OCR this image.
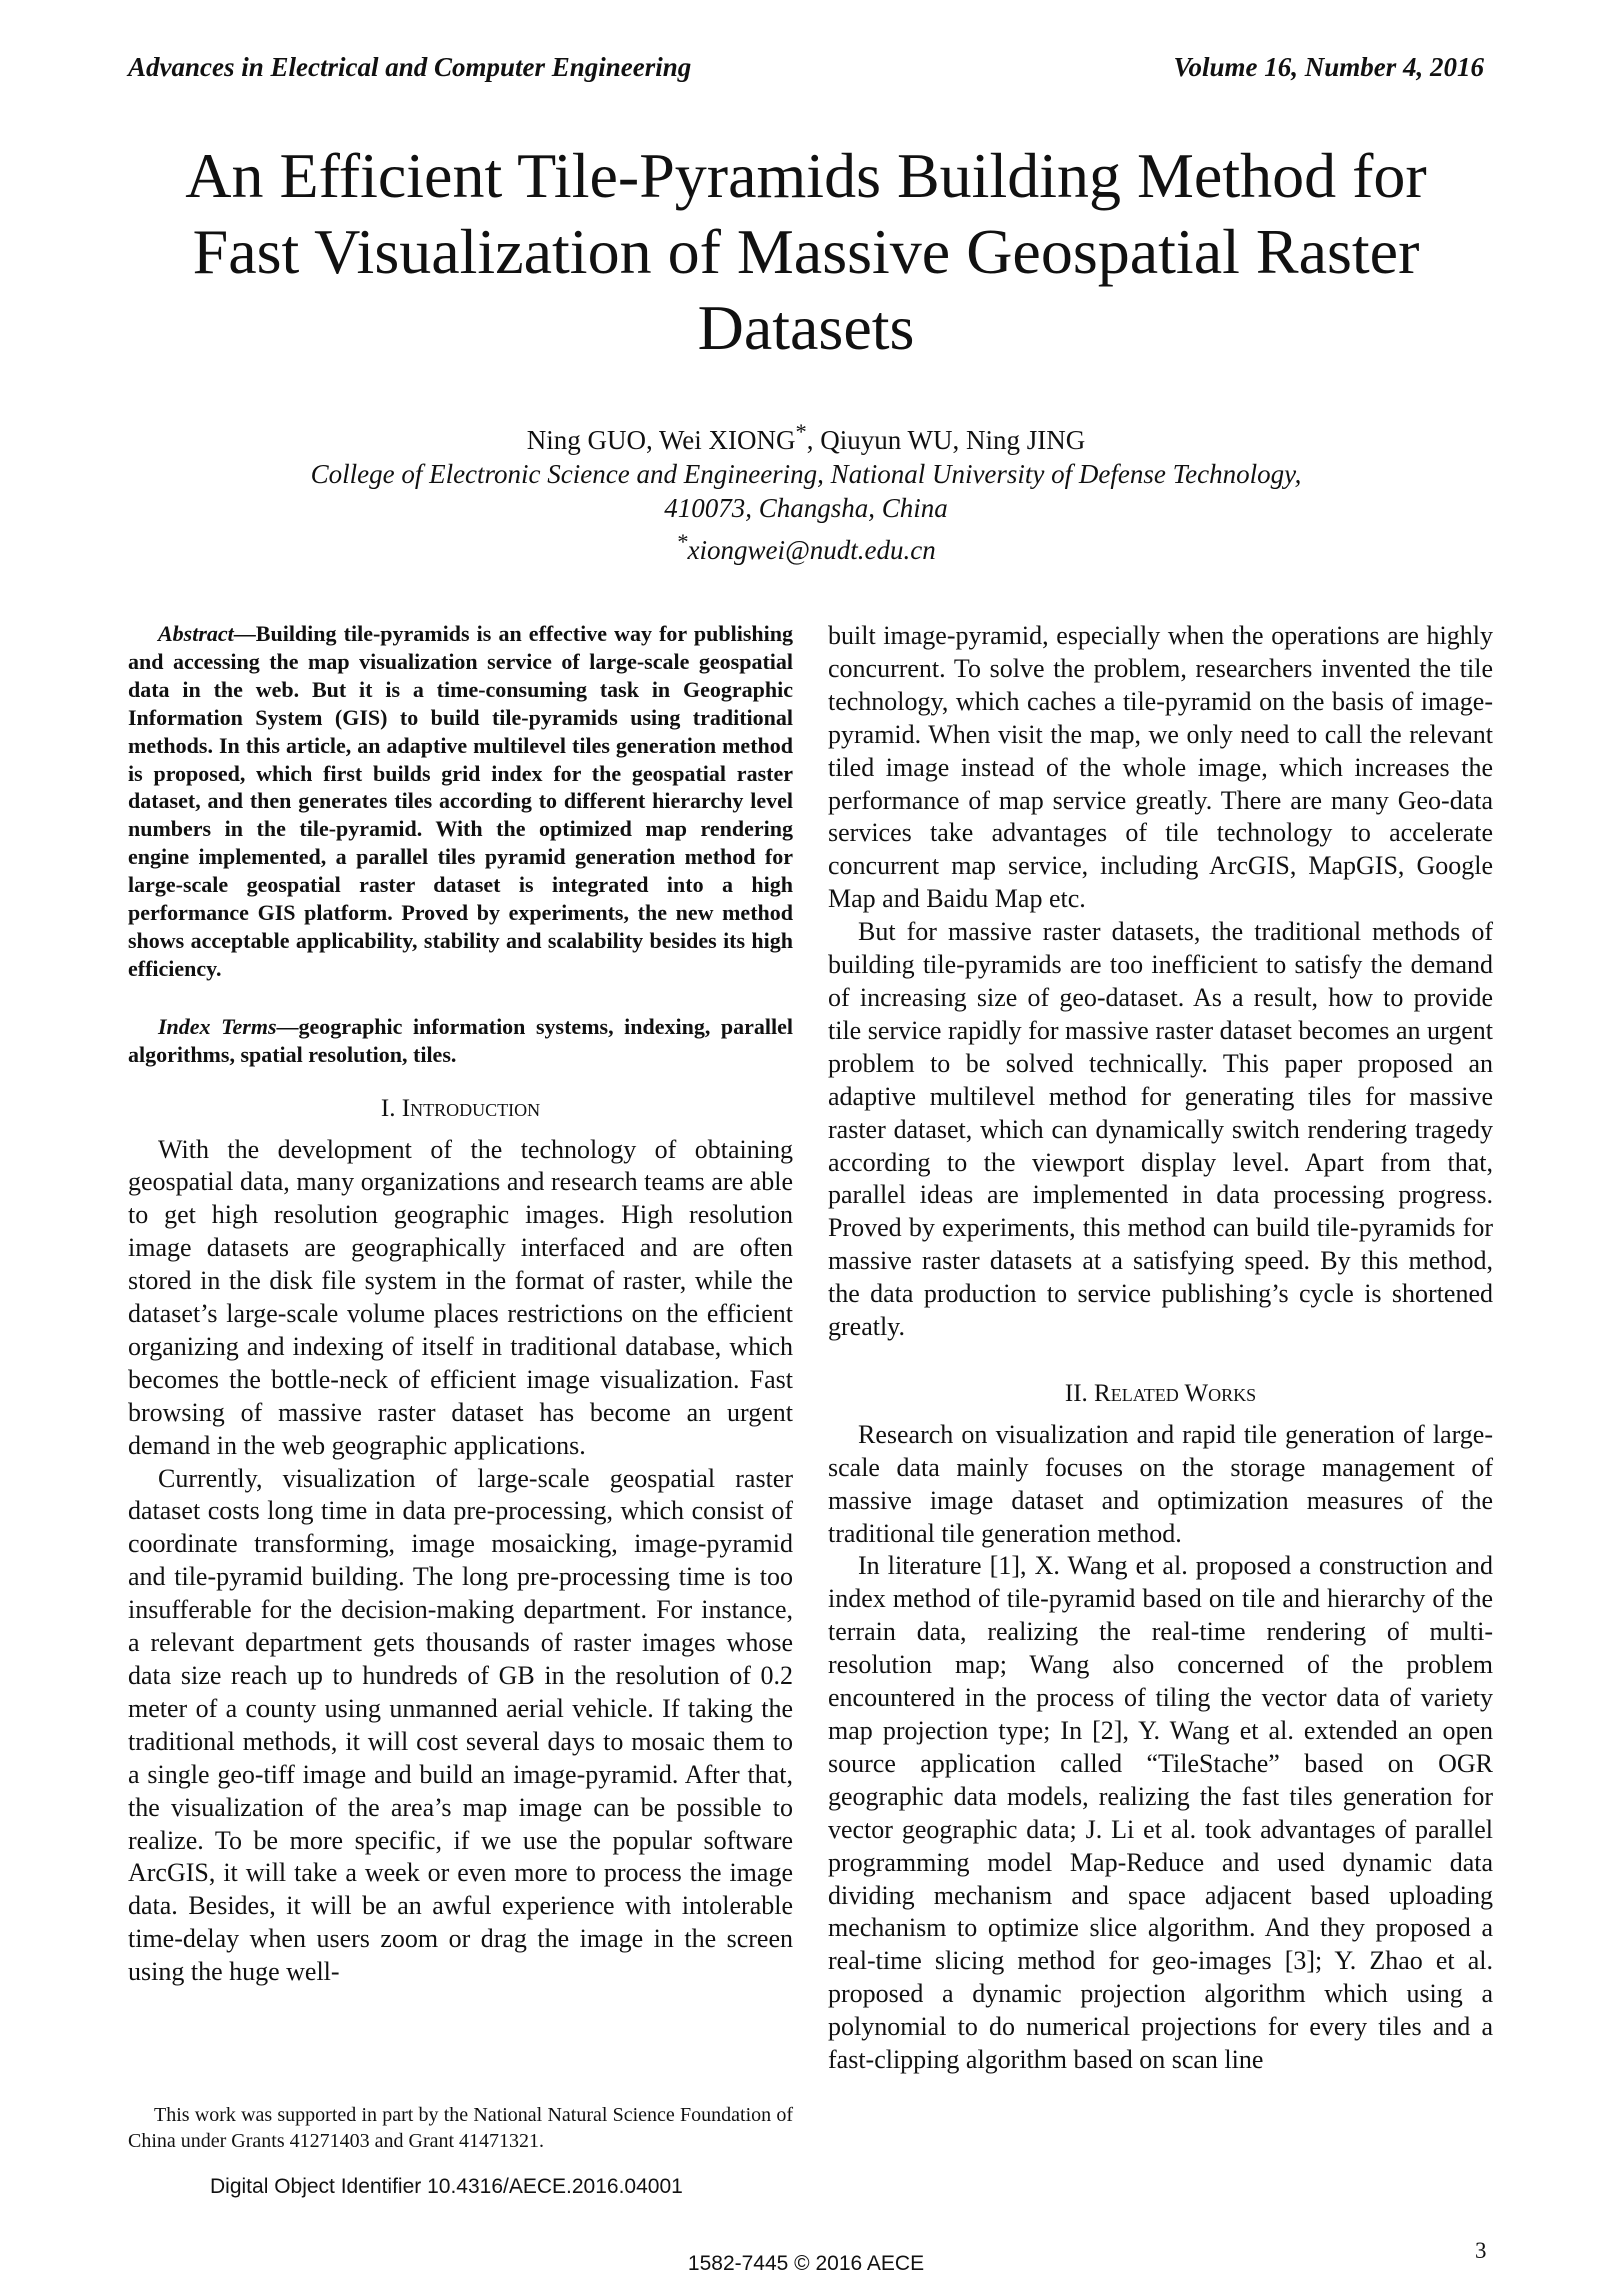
Advances in Electrical and Computer Engineering	Volume 16, Number 4, 2016
An Efficient Tile-Pyramids Building Method for Fast Visualization of Massive Geospatial Raster Datasets
Ning GUO, Wei XIONG*, Qiuyun WU, Ning JING
College of Electronic Science and Engineering, National University of Defense Technology,
410073, Changsha, China
*xiongwei@nudt.edu.cn

Abstract—Building tile-pyramids is an effective way for publishing and accessing the map visualization service of large-scale geospatial data in the web. But it is a time-consuming task in Geographic Information System (GIS) to build tile-pyramids using traditional methods. In this article, an adaptive multilevel tiles generation method is proposed, which first builds grid index for the geospatial raster dataset, and then generates tiles according to different hierarchy level numbers in the tile-pyramid. With the optimized map rendering engine implemented, a parallel tiles pyramid generation method for large-scale geospatial raster dataset is integrated into a high performance GIS platform. Proved by experiments, the new method shows acceptable applicability, stability and scalability besides its high efficiency.

Index Terms—geographic information systems, indexing, parallel algorithms, spatial resolution, tiles.

I. Introduction

With the development of the technology of obtaining geospatial data, many organizations and research teams are able to get high resolution geographic images. High resolution image datasets are geographically interfaced and are often stored in the disk file system in the format of raster, while the dataset’s large-scale volume places restrictions on the efficient organizing and indexing of itself in traditional database, which becomes the bottle-neck of efficient image visualization. Fast browsing of massive raster dataset has become an urgent demand in the web geographic applications.

Currently, visualization of large-scale geospatial raster dataset costs long time in data pre-processing, which consist of coordinate transforming, image mosaicking, image-pyramid and tile-pyramid building. The long pre-processing time is too insufferable for the decision-making department. For instance, a relevant department gets thousands of raster images whose data size reach up to hundreds of GB in the resolution of 0.2 meter of a county using unmanned aerial vehicle. If taking the traditional methods, it will cost several days to mosaic them to a single geo-tiff image and build an image-pyramid. After that, the visualization of the area’s map image can be possible to realize. To be more specific, if we use the popular software ArcGIS, it will take a week or even more to process the image data. Besides, it will be an awful experience with intolerable time-delay when users zoom or drag the image in the screen using the huge well-

built image-pyramid, especially when the operations are highly concurrent. To solve the problem, researchers invented the tile technology, which caches a tile-pyramid on the basis of image-pyramid. When visit the map, we only need to call the relevant tiled image instead of the whole image, which increases the performance of map service greatly. There are many Geo-data services take advantages of tile technology to accelerate concurrent map service, including ArcGIS, MapGIS, Google Map and Baidu Map etc.

But for massive raster datasets, the traditional methods of building tile-pyramids are too inefficient to satisfy the demand of increasing size of geo-dataset. As a result, how to provide tile service rapidly for massive raster dataset becomes an urgent problem to be solved technically. This paper proposed an adaptive multilevel method for generating tiles for massive raster dataset, which can dynamically switch rendering tragedy according to the viewport display level. Apart from that, parallel ideas are implemented in data processing progress. Proved by experiments, this method can build tile-pyramids for massive raster datasets at a satisfying speed. By this method, the data production to service publishing’s cycle is shortened greatly.

II. Related Works

Research on visualization and rapid tile generation of large-scale data mainly focuses on the storage management of massive image dataset and optimization measures of the traditional tile generation method.

In literature [1], X. Wang et al. proposed a construction and index method of tile-pyramid based on tile and hierarchy of the terrain data, realizing the real-time rendering of multi-resolution map; Wang also concerned of the problem encountered in the process of tiling the vector data of variety map projection type; In [2], Y. Wang et al. extended an open source application called “TileStache” based on OGR geographic data models, realizing the fast tiles generation for vector geographic data; J. Li et al. took advantages of parallel programming model Map-Reduce and used dynamic data dividing mechanism and space adjacent based uploading mechanism to optimize slice algorithm. And they proposed a real-time slicing method for geo-images [3]; Y. Zhao et al. proposed a dynamic projection algorithm which using a polynomial to do numerical projections for every tiles and a fast-clipping algorithm based on scan line

This work was supported in part by the National Natural Science Foundation of China under Grants 41271403 and Grant 41471321.

Digital Object Identifier 10.4316/AECE.2016.04001
3
1582-7445 © 2016 AECE
